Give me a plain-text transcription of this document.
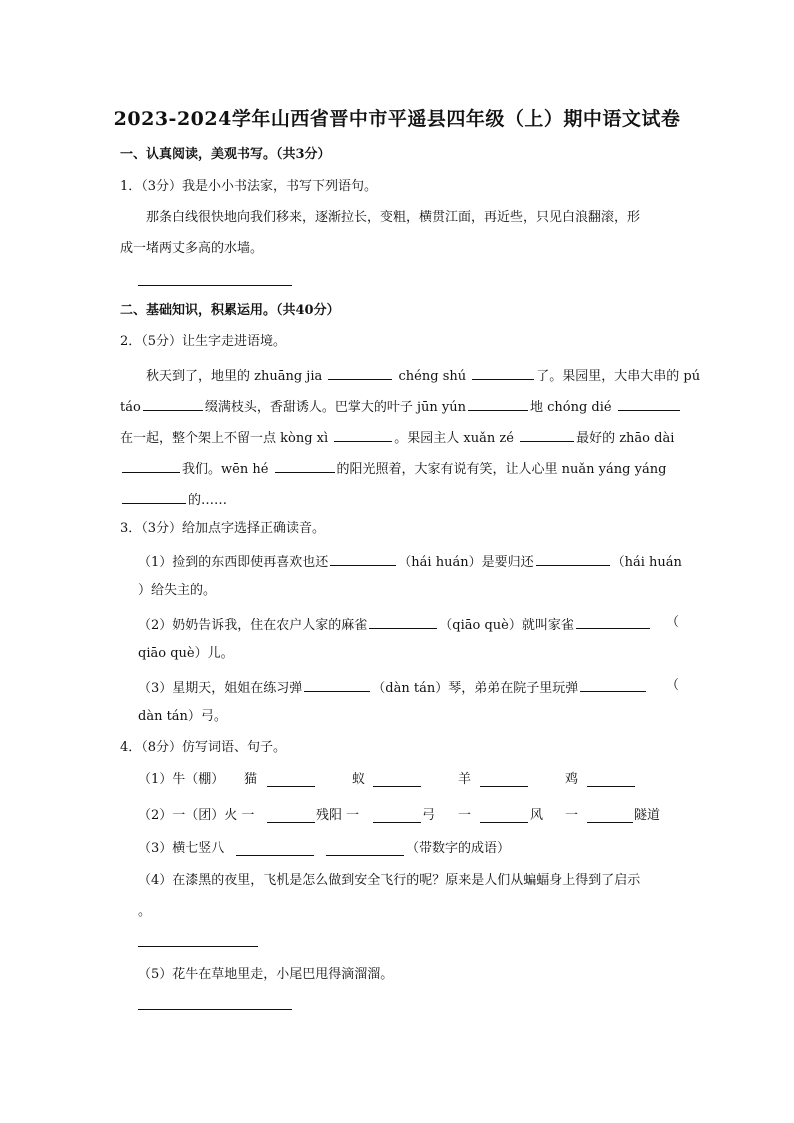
2023-2024学年山西省晋中市平遥县四年级（上）期中语文试卷
一、认真阅读，美观书写。（共3分）
1．（3分）我是小小书法家，书写下列语句。
那条白线很快地向我们移来，逐渐拉长，变粗，横贯江面，再近些，只见白浪翻滚，形
成一堵两丈多高的水墙。
二、基础知识，积累运用。（共40分）
2．（5分）让生字走进语境。
秋天到了，地里的 zhuāng jia	chéng shú	了。果园里，大串大串的 pú
táo	缀满枝头，香甜诱人。巴掌大的叶子 jūn yún	地 chóng dié
在一起，整个架上不留一点 kòng xì	。果园主人 xuǎn zé	最好的 zhāo dài
我们。wēn hé	的阳光照着，大家有说有笑，让人心里 nuǎn yáng yáng
的……
3．（3分）给加点字选择正确读音。
（1）捡到的东西即使再喜欢也还	（hái huán）是要归还	（hái huán
）给失主的。
（2）奶奶告诉我，住在农户人家的麻雀	（qiāo què）就叫家雀	（
qiāo què）儿。
（3）星期天，姐姐在练习弹	（dàn tán）琴，弟弟在院子里玩弹	（
dàn tán）弓。
4．（8分）仿写词语、句子。
（1）牛（棚） 猫	蚁	羊	鸡
（2）一（团）火 一	残阳 一	弓 一	风 一	隧道
（3）横七竖八	（带数字的成语）
（4）在漆黑的夜里，飞机是怎么做到安全飞行的呢？原来是人们从蝙蝠身上得到了启示
。
（5）花牛在草地里走，小尾巴甩得滴溜溜。
